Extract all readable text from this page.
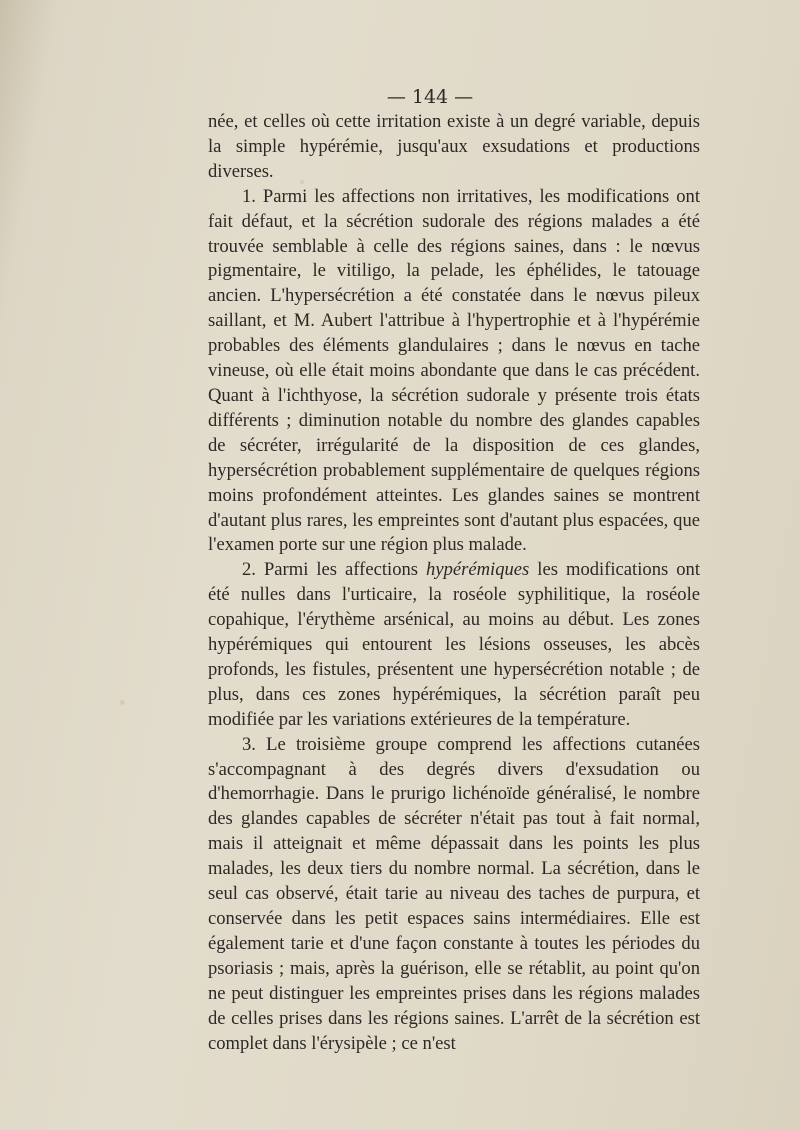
— 144 —

née, et celles où cette irritation existe à un degré variable, depuis la simple hypérémie, jusqu'aux exsudations et productions diverses.

1. Parmi les affections non irritatives, les modifications ont fait défaut, et la sécrétion sudorale des régions malades a été trouvée semblable à celle des régions saines, dans : le nœvus pigmentaire, le vitiligo, la pelade, les éphélides, le tatouage ancien. L'hypersécrétion a été constatée dans le nœvus pileux saillant, et M. Aubert l'attribue à l'hypertrophie et à l'hypérémie probables des éléments glandulaires ; dans le nœvus en tache vineuse, où elle était moins abondante que dans le cas précédent. Quant à l'ichthyose, la sécrétion sudorale y présente trois états différents ; diminution notable du nombre des glandes capables de sécréter, irrégularité de la disposition de ces glandes, hypersécrétion probablement supplémentaire de quelques régions moins profondément atteintes. Les glandes saines se montrent d'autant plus rares, les empreintes sont d'autant plus espacées, que l'examen porte sur une région plus malade.

2. Parmi les affections hypérémiques les modifications ont été nulles dans l'urticaire, la roséole syphilitique, la roséole copahique, l'érythème arsénical, au moins au début. Les zones hypérémiques qui entourent les lésions osseuses, les abcès profonds, les fistules, présentent une hypersécrétion notable ; de plus, dans ces zones hypérémiques, la sécrétion paraît peu modifiée par les variations extérieures de la température.

3. Le troisième groupe comprend les affections cutanées s'accompagnant à des degrés divers d'exsudation ou d'hemorrhagie. Dans le prurigo lichénoïde généralisé, le nombre des glandes capables de sécréter n'était pas tout à fait normal, mais il atteignait et même dépassait dans les points les plus malades, les deux tiers du nombre normal. La sécrétion, dans le seul cas observé, était tarie au niveau des taches de purpura, et conservée dans les petit espaces sains intermédiaires. Elle est également tarie et d'une façon constante à toutes les périodes du psoriasis ; mais, après la guérison, elle se rétablit, au point qu'on ne peut distinguer les empreintes prises dans les régions malades de celles prises dans les régions saines. L'arrêt de la sécrétion est complet dans l'érysipèle ; ce n'est
